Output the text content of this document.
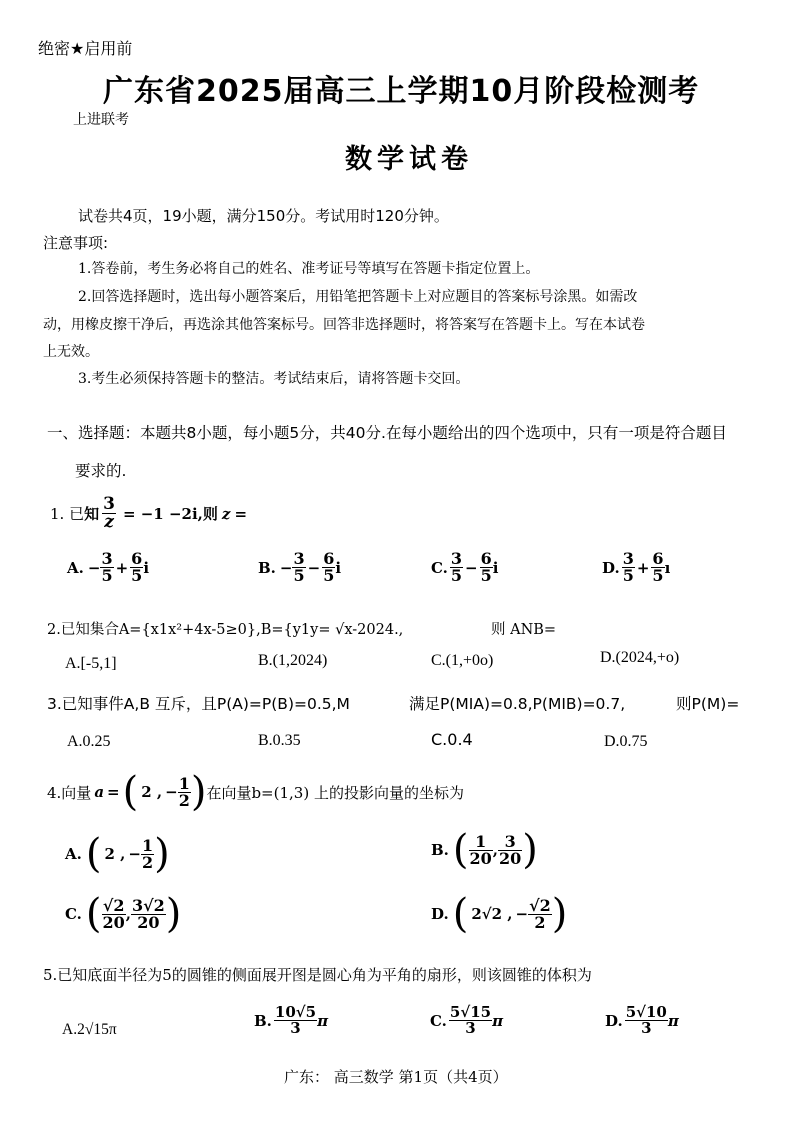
绝密★启用前
广东省2025届高三上学期10月阶段检测考
上进联考
数学试卷
试卷共4页，19小题，满分150分。考试用时120分钟。
注意事项:
1.答卷前，考生务必将自己的姓名、准考证号等填写在答题卡指定位置上。
2.回答选择题时，选出每小题答案后，用铅笔把答题卡上对应题目的答案标号涂黑。如需改
动，用橡皮擦干净后，再选涂其他答案标号。回答非选择题时，将答案写在答题卡上。写在本试卷
上无效。
3.考生必须保持答题卡的整洁。考试结束后，请将答题卡交回。
一、选择题：本题共8小题，每小题5分，共40分.在每小题给出的四个选项中，只有一项是符合题目
要求的.
1. 已 知 $\frac{3}{z} = -1 -2i$,则 z =
A. − $\frac{3}{5} + \frac{6}{5}$ i	B. − $\frac{3}{5} - \frac{6}{5}$ i	C. $\frac{3}{5} - \frac{6}{5}$ i	D. $\frac{3}{5} + \frac{6}{5}$ ı
2.已知集合A={x1x²+4x-5≥0},B={y1y= √x-2024.,	则 ANB=
A.[-5,1]	B.(1,2024)	C.(1,+0o)	D.(2024,+o)
3.已知事件A,B 互斥，且P(A)=P(B)=0.5,M	满足P(MIA)=0.8,P(MIB)=0.7,	则P(M)=
A.0.25	B.0.35	C.0.4	D.0.75
4.向量 a = ( 2 , − $\frac{1}{2}$ ) 在向量b=(1,3) 上的投影向量的坐标为
A. ( 2 , − $\frac{1}{2}$ )	B. ( $\frac{1}{20}$ , $\frac{3}{20}$ )
C. ( $\frac{√2}{20}$ , $\frac{3√2}{20}$ )	D. ( 2√2 , − $\frac{√2}{2}$ )
5.已知底面半径为5的圆锥的侧面展开图是圆心角为平角的扇形，则该圆锥的体积为
A.2√15π	B. $\frac{10√5}{3}$ π	C. $\frac{5√15}{3}$ π	D. $\frac{5√10}{3}$ π
广东： 高三数学 第1页（共4页）
